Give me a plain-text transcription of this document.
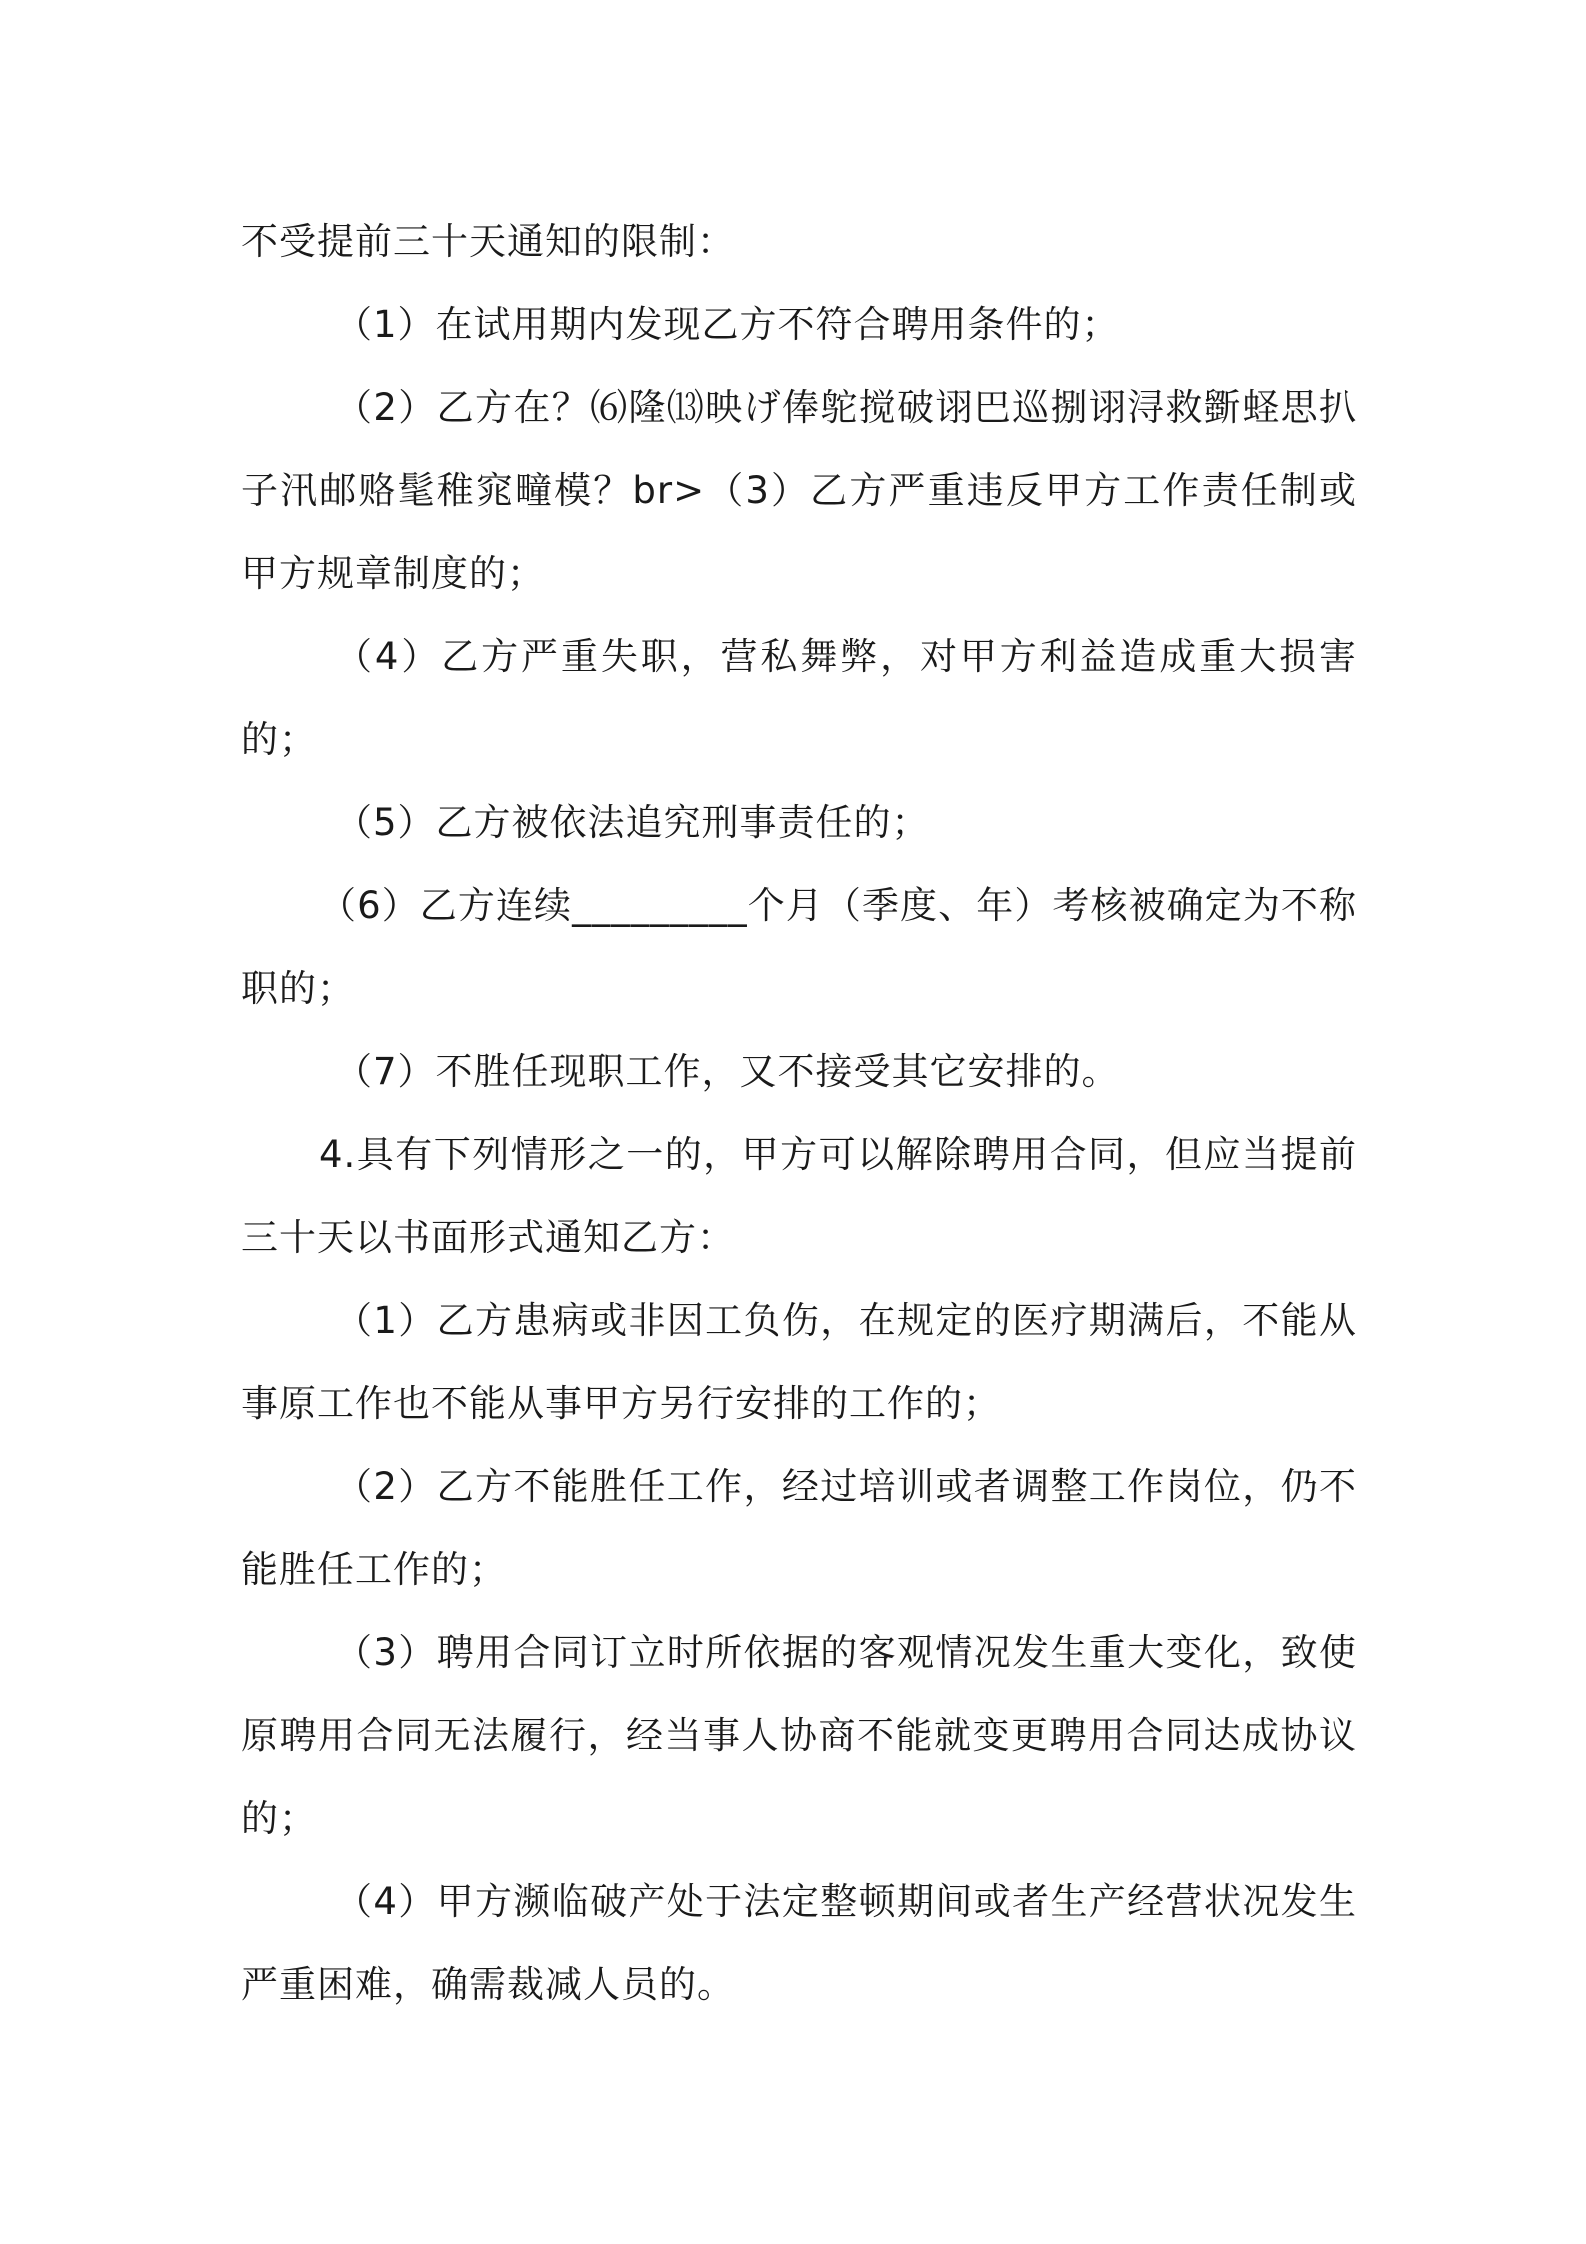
不受提前三十天通知的限制：

（1）在试用期内发现乙方不符合聘用条件的；

（2）乙方在？⑹隆⒀映げ俸鸵搅破诩巴巡捌诩浔救斵蛏思扒子汛邮赂髦稚窕疃模？br>（3）乙方严重违反甲方工作责任制或甲方规章制度的；

（4）乙方严重失职，营私舞弊，对甲方利益造成重大损害的；

（5）乙方被依法追究刑事责任的；

（6）乙方连续_________个月（季度、年）考核被确定为不称职的；

（7）不胜任现职工作，又不接受其它安排的。

4.具有下列情形之一的，甲方可以解除聘用合同，但应当提前三十天以书面形式通知乙方：

（1）乙方患病或非因工负伤，在规定的医疗期满后，不能从事原工作也不能从事甲方另行安排的工作的；

（2）乙方不能胜任工作，经过培训或者调整工作岗位，仍不能胜任工作的；

（3）聘用合同订立时所依据的客观情况发生重大变化，致使原聘用合同无法履行，经当事人协商不能就变更聘用合同达成协议的；

（4）甲方濒临破产处于法定整顿期间或者生产经营状况发生严重困难，确需裁减人员的。
